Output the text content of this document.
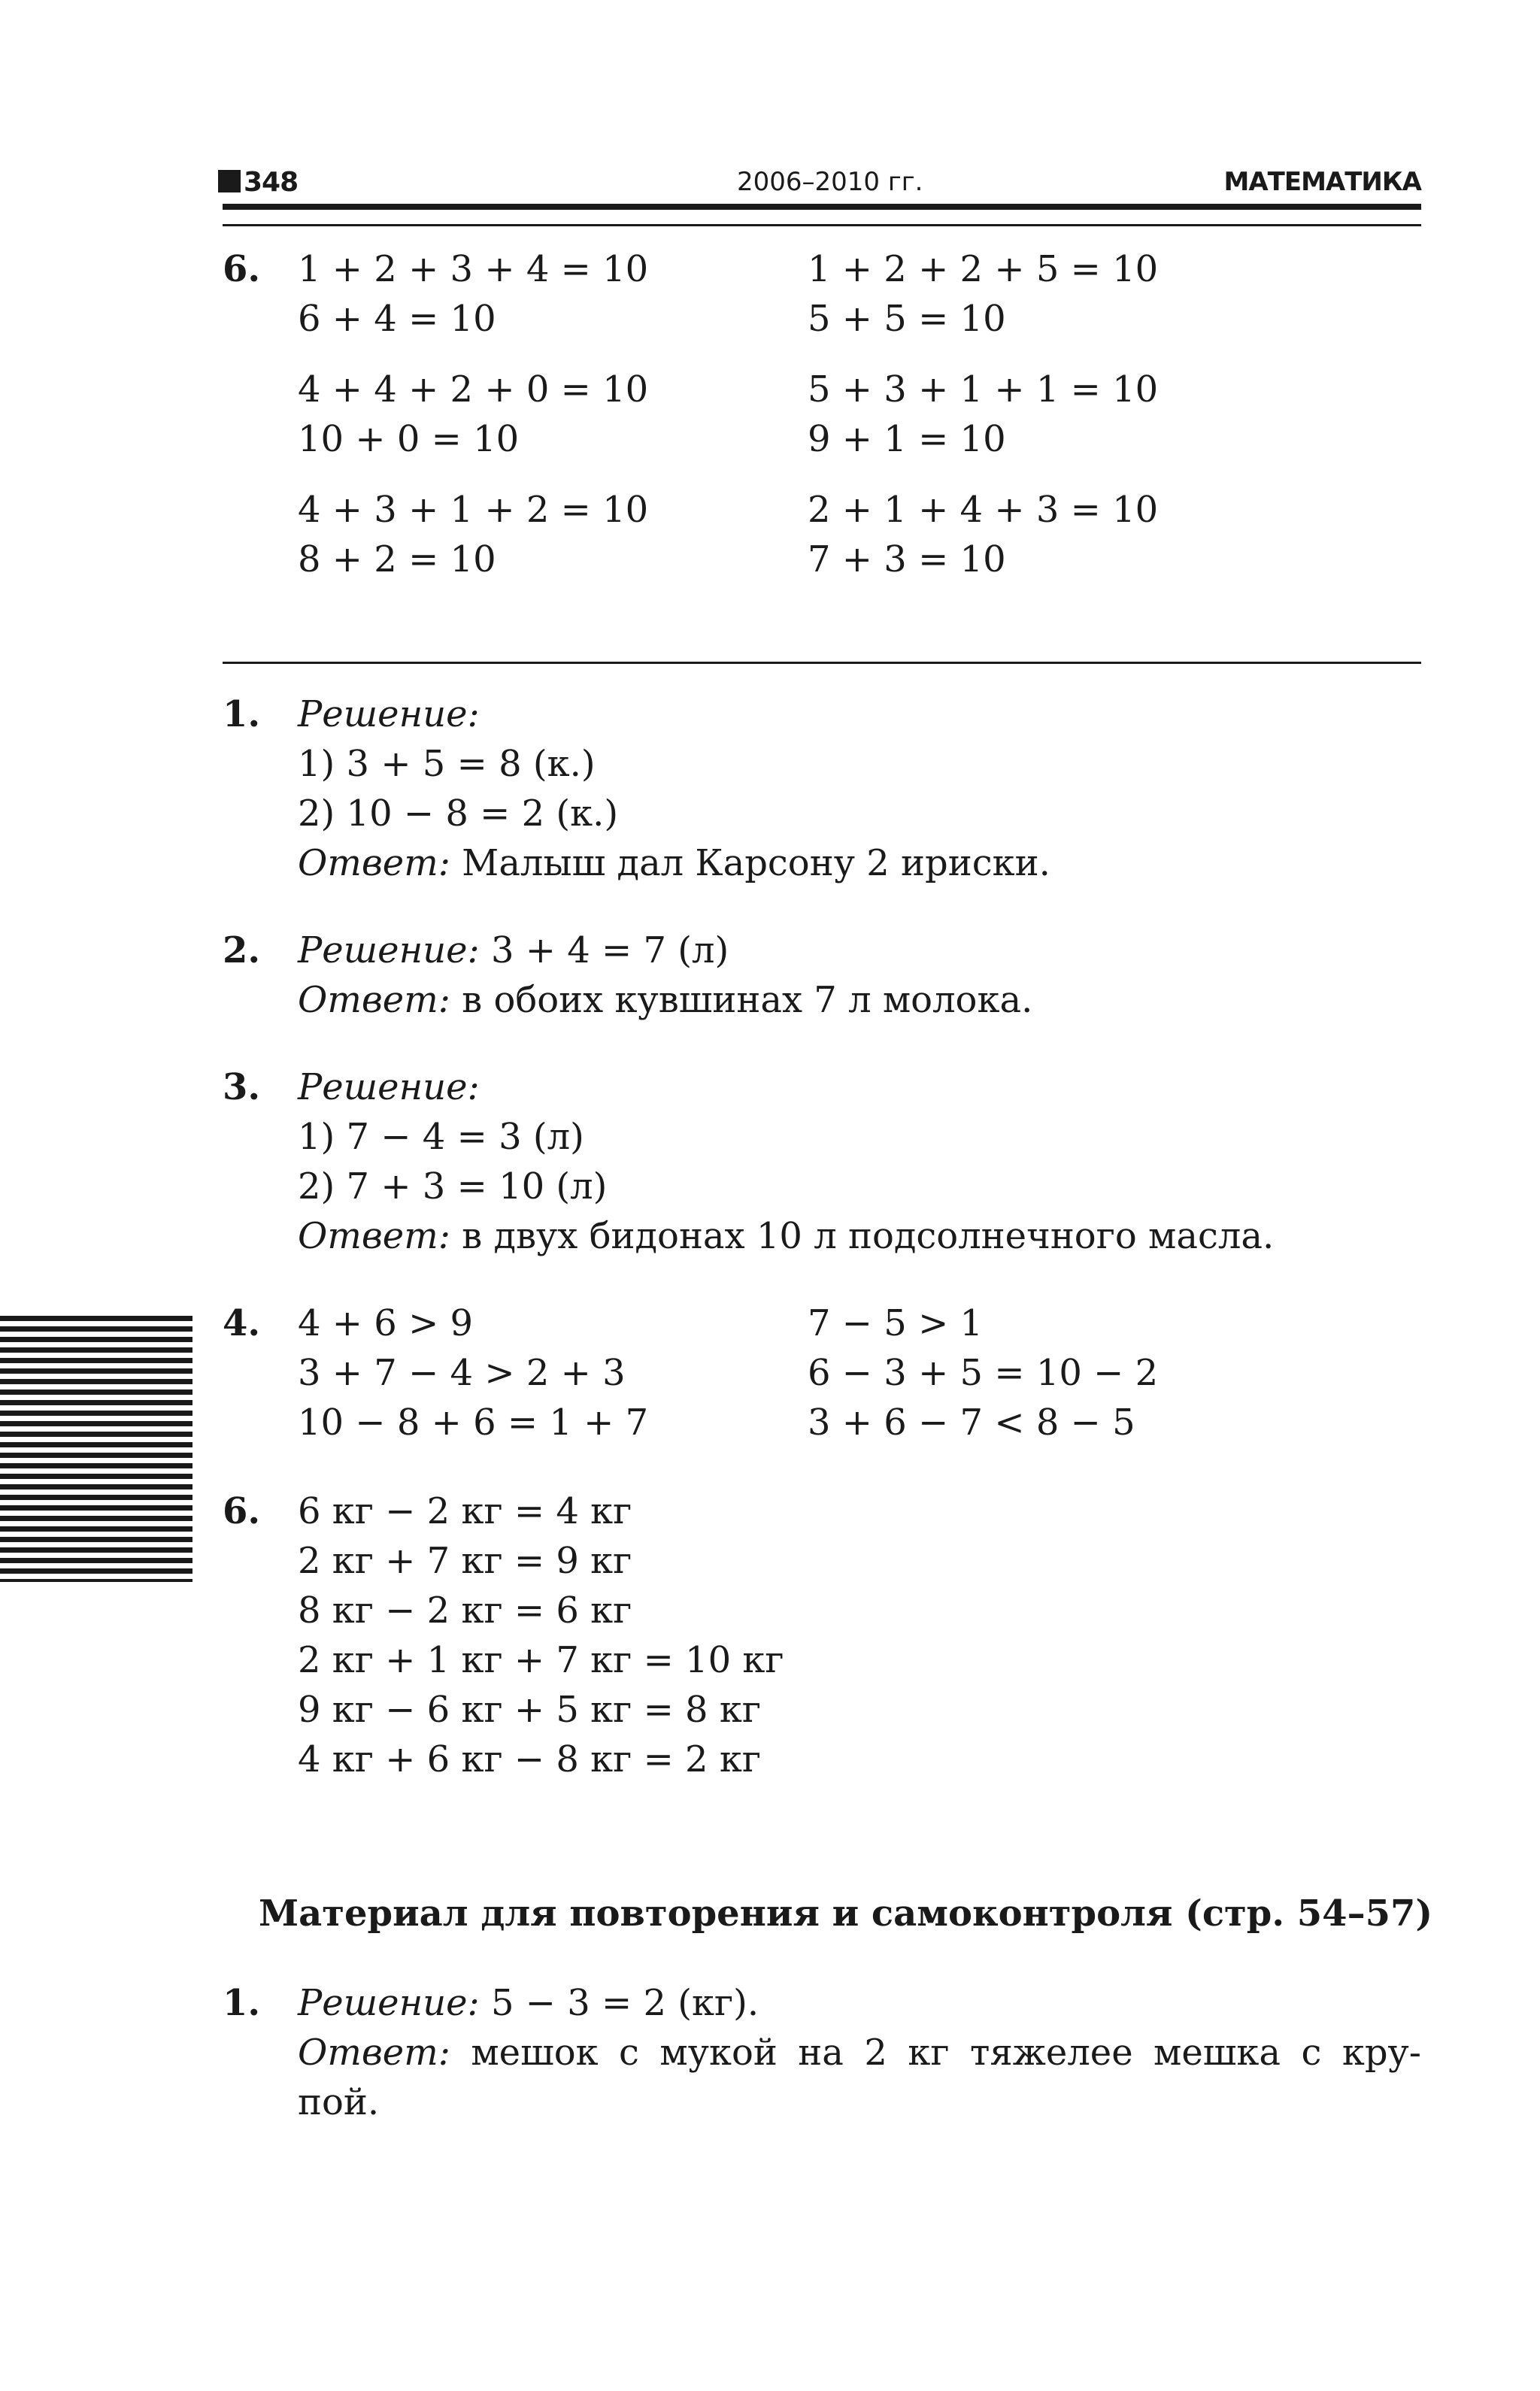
348	2006–2010 гг.	МАТЕМАТИКА
6. 1 + 2 + 3 + 4 = 10
6 + 4 = 10
4 + 4 + 2 + 0 = 10
10 + 0 = 10
4 + 3 + 1 + 2 = 10
8 + 2 = 10
1 + 2 + 2 + 5 = 10
5 + 5 = 10
5 + 3 + 1 + 1 = 10
9 + 1 = 10
2 + 1 + 4 + 3 = 10
7 + 3 = 10
1. Решение:
1) 3 + 5 = 8 (к.)
2) 10 − 8 = 2 (к.)
Ответ: Малыш дал Карсону 2 ириски.
2. Решение: 3 + 4 = 7 (л)
Ответ: в обоих кувшинах 7 л молока.
3. Решение:
1) 7 − 4 = 3 (л)
2) 7 + 3 = 10 (л)
Ответ: в двух бидонах 10 л подсолнечного масла.
4. 4 + 6 > 9
3 + 7 − 4 > 2 + 3
10 − 8 + 6 = 1 + 7
7 − 5 > 1
6 − 3 + 5 = 10 − 2
3 + 6 − 7 < 8 − 5
6. 6 кг − 2 кг = 4 кг
2 кг + 7 кг = 9 кг
8 кг − 2 кг = 6 кг
2 кг + 1 кг + 7 кг = 10 кг
9 кг − 6 кг + 5 кг = 8 кг
4 кг + 6 кг − 8 кг = 2 кг
Материал для повторения и самоконтроля (стр. 54–57)
1. Решение: 5 − 3 = 2 (кг).
Ответ: мешок с мукой на 2 кг тяжелее мешка с кру-
пой.
